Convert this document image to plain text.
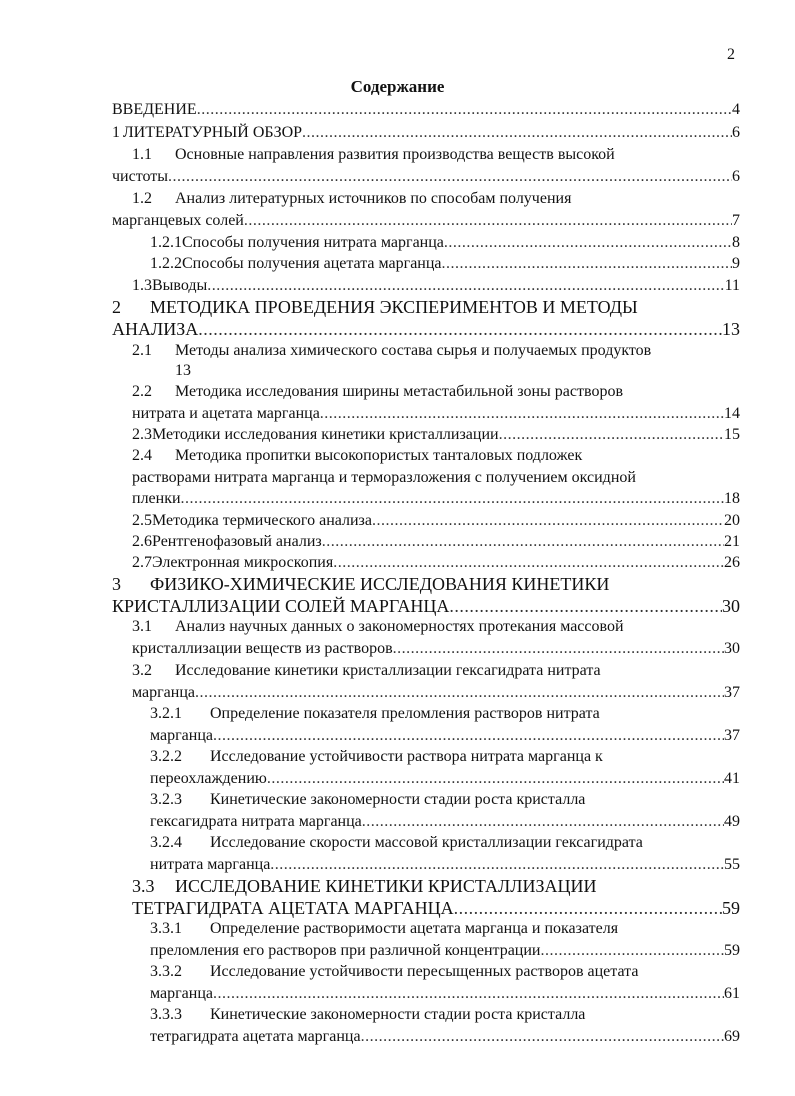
2
Содержание
ВВЕДЕНИЕ .....	4
1 ЛИТЕРАТУРНЫЙ ОБЗОР .....	6
1.1	Основные направления развития производства веществ высокой
чистоты .....	6
1.2	Анализ литературных источников по способам получения
марганцевых солей .....	7
1.2.1 Способы получения нитрата марганца .....	8
1.2.2 Способы получения ацетата марганца .....	9
1.3 Выводы .....	11
2	МЕТОДИКА ПРОВЕДЕНИЯ ЭКСПЕРИМЕНТОВ И МЕТОДЫ
АНАЛИЗА .....	13
2.1	Методы анализа химического состава сырья и получаемых продуктов
13
2.2	Методика исследования ширины метастабильной зоны растворов
нитрата и ацетата марганца .....	14
2.3 Методики исследования кинетики кристаллизации .....	15
2.4	Методика пропитки высокопористых танталовых подложек
растворами нитрата марганца и терморазложения с получением оксидной
пленки .....	18
2.5 Методика термического анализа .....	20
2.6 Рентгенофазовый анализ .....	21
2.7 Электронная микроскопия .....	26
3	ФИЗИКО-ХИМИЧЕСКИЕ ИССЛЕДОВАНИЯ КИНЕТИКИ
КРИСТАЛЛИЗАЦИИ СОЛЕЙ МАРГАНЦА .....	30
3.1	Анализ научных данных о закономерностях протекания массовой
кристаллизации веществ из растворов .....	30
3.2	Исследование кинетики кристаллизации гексагидрата нитрата
марганца .....	37
3.2.1	Определение показателя преломления растворов нитрата
марганца .....	37
3.2.2	Исследование устойчивости раствора нитрата марганца к
переохлаждению .....	41
3.2.3	Кинетические закономерности стадии роста кристалла
гексагидрата нитрата марганца .....	49
3.2.4	Исследование скорости массовой кристаллизации гексагидрата
нитрата марганца .....	55
3.3	ИССЛЕДОВАНИЕ КИНЕТИКИ КРИСТАЛЛИЗАЦИИ
ТЕТРАГИДРАТА АЦЕТАТА МАРГАНЦА .....	59
3.3.1	Определение растворимости ацетата марганца и показателя
преломления его растворов при различной концентрации .....	59
3.3.2	Исследование устойчивости пересыщенных растворов ацетата
марганца .....	61
3.3.3	Кинетические закономерности стадии роста кристалла
тетрагидрата ацетата марганца .....	69
